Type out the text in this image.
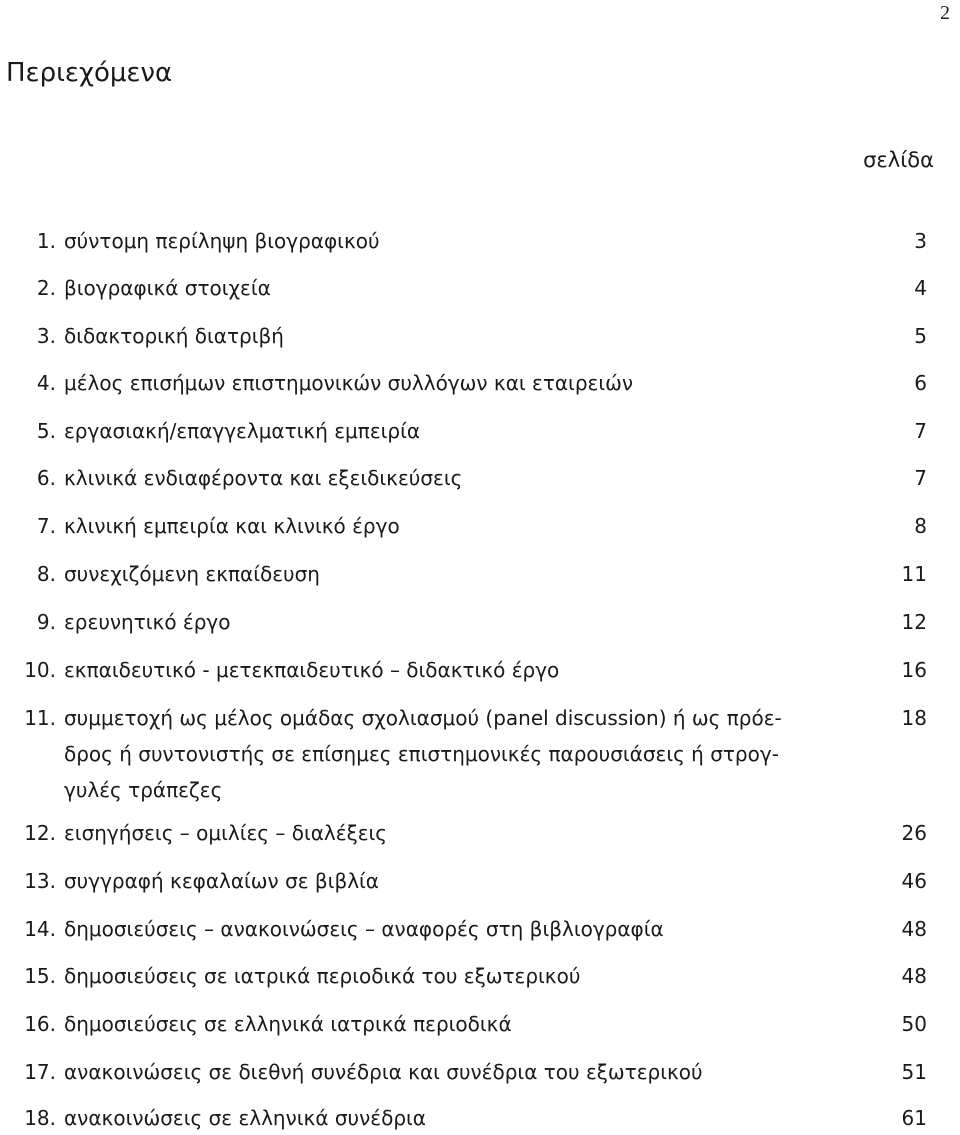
2
Περιεχόμενα
σελίδα
1. σύντομη περίληψη βιογραφικού	3
2. βιογραφικά στοιχεία	4
3. διδακτορική διατριβή	5
4. μέλος επισήμων επιστημονικών συλλόγων και εταιρειών	6
5. εργασιακή/επαγγελματική εμπειρία	7
6. κλινικά ενδιαφέροντα και εξειδικεύσεις	7
7. κλινική εμπειρία και κλινικό έργο	8
8. συνεχιζόμενη εκπαίδευση	11
9. ερευνητικό έργο	12
10. εκπαιδευτικό - μετεκπαιδευτικό – διδακτικό έργο	16
11. συμμετοχή ως μέλος ομάδας σχολιασμού (panel discussion) ή ως πρόε-
δρος ή συντονιστής σε επίσημες επιστημονικές παρουσιάσεις ή στρογ-
γυλές τράπεζες
18
12. εισηγήσεις – ομιλίες – διαλέξεις	26
13. συγγραφή κεφαλαίων σε βιβλία	46
14. δημοσιεύσεις – ανακοινώσεις – αναφορές στη βιβλιογραφία	48
15. δημοσιεύσεις σε ιατρικά περιοδικά του εξωτερικού	48
16. δημοσιεύσεις σε ελληνικά ιατρικά περιοδικά	50
17. ανακοινώσεις σε διεθνή συνέδρια και συνέδρια του εξωτερικού	51
18. ανακοινώσεις σε ελληνικά συνέδρια	61
